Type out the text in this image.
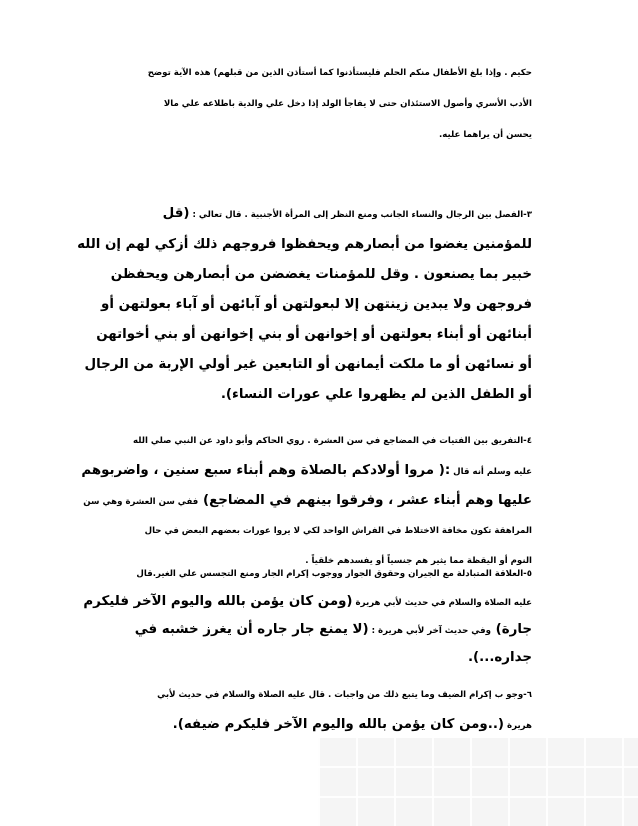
حكيم . وإذا بلغ الأطفال منكم الحلم فليستأذنوا كما أستأذن الذين من قبلهم) هذه الآية توضح
الأدب الأسري وأصول الاستئذان حتى لا يفاجأ الولد إذا دخل علي والدية باطلاعه علي مالا
يحسن أن يراهما عليه.
٣-الفصل بين الرجال والنساء الجانب ومنع النظر إلى المرأة الأجنبية . قال تعالي : (قل
للمؤمنين يغضوا من أبصارهم ويحفظوا فروجهم ذلك أزكي لهم إن الله
خبير بما يصنعون . وقل للمؤمنات يغضضن من أبصارهن ويحفظن
فروجهن ولا يبدين زينتهن إلا لبعولتهن أو آبائهن أو آباء بعولتهن أو
أبنائهن أو أبناء بعولتهن أو إخوانهن أو بني إخوانهن أو بني أخواتهن
أو نسائهن أو ما ملكت أيمانهن أو التابعين غير أولي الإربة من الرجال
أو الطفل الذين لم يظهروا علي عورات النساء).
٤-التفريق بين الفتيات في المضاجع في سن العشرة . روي الحاكم وأبو داود عن النبي صلي الله
عليه وسلم أنه قال :( مروا أولادكم بالصلاة وهم أبناء سبع سنين ، واضربوهم
عليها وهم أبناء عشر ، وفرقوا بينهم في المضاجع) ففي سن العشرة وهي سن
المراهقة تكون مخافة الاختلاط في الفراش الواحد لكي لا يروا عورات بعضهم البعض في حال
النوم أو اليقظة مما يثير هم جنسياً أو يفسدهم خلقياً .
٥-العلاقة المتبادلة مع الجيران وحقوق الجوار ووجوب إكرام الجار ومنع التجسس علي الغير.قال
عليه الصلاة والسلام في حديث لأبي هريرة (ومن كان يؤمن بالله واليوم الآخر فليكرم
جارة) وفي حديث آخر لأبي هريرة : (لا يمنع جار جاره أن يغرز خشبه في
جداره...).
٦-وجو ب إكرام الضيف وما يتبع ذلك من واجبات . قال عليه الصلاة والسلام في حديث لأبي
هريرة (..ومن كان يؤمن بالله واليوم الآخر فليكرم ضيفه).
